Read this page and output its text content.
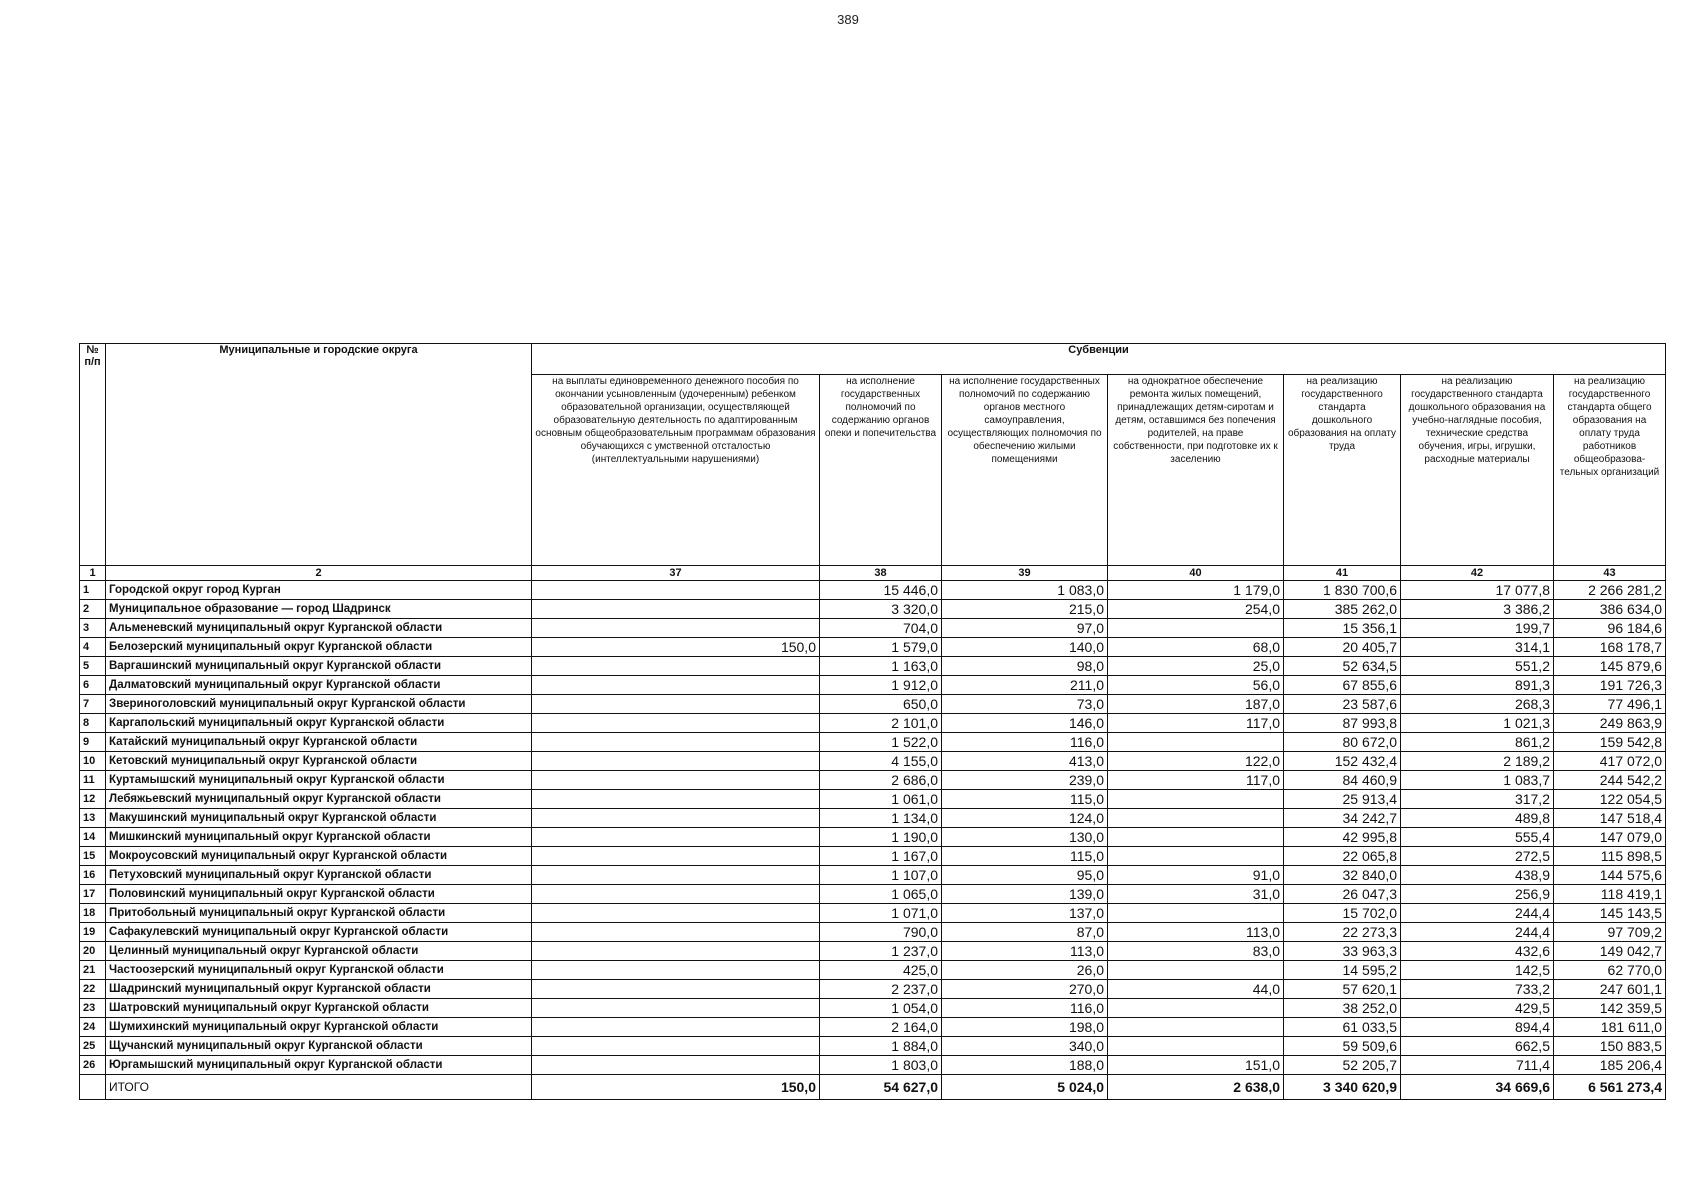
389
№ п/п	Муниципальные и городские округа	Субвенции						
		на выплаты единовременного денежного пособия по окончании усыновленным (удочеренным) ребенком образовательной организации, осуществляющей образовательную деятельность по адаптированным основным общеобразовательным программам образования обучающихся с умственной отсталостью (интеллектуальными нарушениями)	на исполнение государственных полномочий по содержанию органов опеки и попечительства	на исполнение государственных полномочий по содержанию органов местного самоуправления, осуществляющих полномочия по обеспечению жилыми помещениями	на однократное обеспечение ремонта жилых помещений, принадлежащих детям-сиротам и детям, оставшимся без попечения родителей, на праве собственности, при подготовке их к заселению	на реализацию государственного стандарта дошкольного образования на оплату труда	на реализацию государственного стандарта дошкольного образования на учебно-наглядные пособия, технические средства обучения, игры, игрушки, расходные материалы	на реализацию государственного стандарта общего образования на оплату труда работников общеобразова-тельных организаций
1	2	37	38	39	40	41	42	43
1	Городской округ город Курган		15 446,0	1 083,0	1 179,0	1 830 700,6	17 077,8	2 266 281,2
2	Муниципальное образование — город Шадринск		3 320,0	215,0	254,0	385 262,0	3 386,2	386 634,0
3	Альменевский муниципальный округ Курганской области		704,0	97,0		15 356,1	199,7	96 184,6
4	Белозерский муниципальный округ Курганской области	150,0	1 579,0	140,0	68,0	20 405,7	314,1	168 178,7
5	Варгашинский муниципальный округ Курганской области		1 163,0	98,0	25,0	52 634,5	551,2	145 879,6
6	Далматовский муниципальный округ Курганской области		1 912,0	211,0	56,0	67 855,6	891,3	191 726,3
7	Звериноголовский муниципальный округ Курганской области		650,0	73,0	187,0	23 587,6	268,3	77 496,1
8	Каргапольский муниципальный округ Курганской области		2 101,0	146,0	117,0	87 993,8	1 021,3	249 863,9
9	Катайский муниципальный округ Курганской области		1 522,0	116,0		80 672,0	861,2	159 542,8
10	Кетовский муниципальный округ Курганской области		4 155,0	413,0	122,0	152 432,4	2 189,2	417 072,0
11	Куртамышский муниципальный округ Курганской области		2 686,0	239,0	117,0	84 460,9	1 083,7	244 542,2
12	Лебяжьевский муниципальный округ Курганской области		1 061,0	115,0		25 913,4	317,2	122 054,5
13	Макушинский муниципальный округ Курганской области		1 134,0	124,0		34 242,7	489,8	147 518,4
14	Мишкинский муниципальный округ Курганской области		1 190,0	130,0		42 995,8	555,4	147 079,0
15	Мокроусовский муниципальный округ Курганской области		1 167,0	115,0		22 065,8	272,5	115 898,5
16	Петуховский муниципальный округ Курганской области		1 107,0	95,0	91,0	32 840,0	438,9	144 575,6
17	Половинский муниципальный округ Курганской области		1 065,0	139,0	31,0	26 047,3	256,9	118 419,1
18	Притобольный муниципальный округ Курганской области		1 071,0	137,0		15 702,0	244,4	145 143,5
19	Сафакулевский муниципальный округ Курганской области		790,0	87,0	113,0	22 273,3	244,4	97 709,2
20	Целинный муниципальный округ Курганской области		1 237,0	113,0	83,0	33 963,3	432,6	149 042,7
21	Частоозерский муниципальный округ Курганской области		425,0	26,0		14 595,2	142,5	62 770,0
22	Шадринский муниципальный округ Курганской области		2 237,0	270,0	44,0	57 620,1	733,2	247 601,1
23	Шатровский муниципальный округ Курганской области		1 054,0	116,0		38 252,0	429,5	142 359,5
24	Шумихинский муниципальный округ Курганской области		2 164,0	198,0		61 033,5	894,4	181 611,0
25	Щучанский муниципальный округ Курганской области		1 884,0	340,0		59 509,6	662,5	150 883,5
26	Юргамышский муниципальный округ Курганской области		1 803,0	188,0	151,0	52 205,7	711,4	185 206,4
	ИТОГО	150,0	54 627,0	5 024,0	2 638,0	3 340 620,9	34 669,6	6 561 273,4
